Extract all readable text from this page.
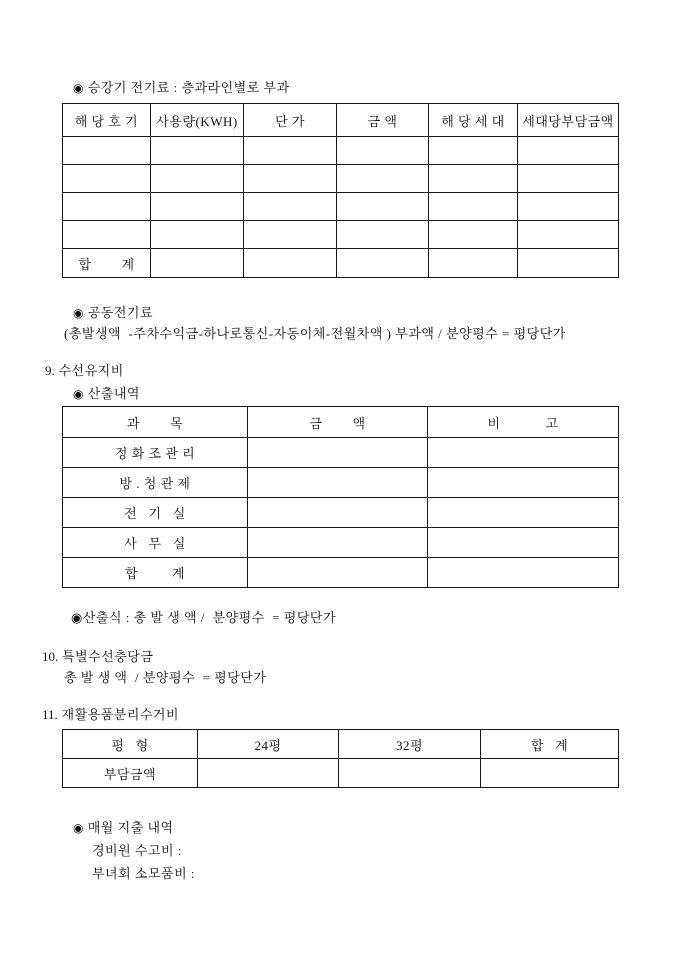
◉ 승강기 전기료 : 층과라인별로 부과
해 당 호 기	사용량(KWH)	단 가	금 액	해 당 세 대	세대당부담금액

합        계					
◉ 공동전기료
(총발생액  -주차수익금-하나로통신-자동이체-전월차액 ) 부과액 / 분양평수 = 평당단가
9. 수선유지비
◉ 산출내역
과        목	금        액	비            고
정 화 조 관 리		
방 . 청 관 제		
전   기   실		
사   무   실		
합         계		
◉산출식 : 총 발 생 액 /  분양평수  = 평당단가
10. 특별수선충당금
총 발 생 액  / 분양평수  = 평당단가
11. 재활용품분리수거비
평   형	24평	32평	합   계
부담금액			
◉ 매월 지출 내역
경비원 수고비 :
부녀회 소모품비 :
